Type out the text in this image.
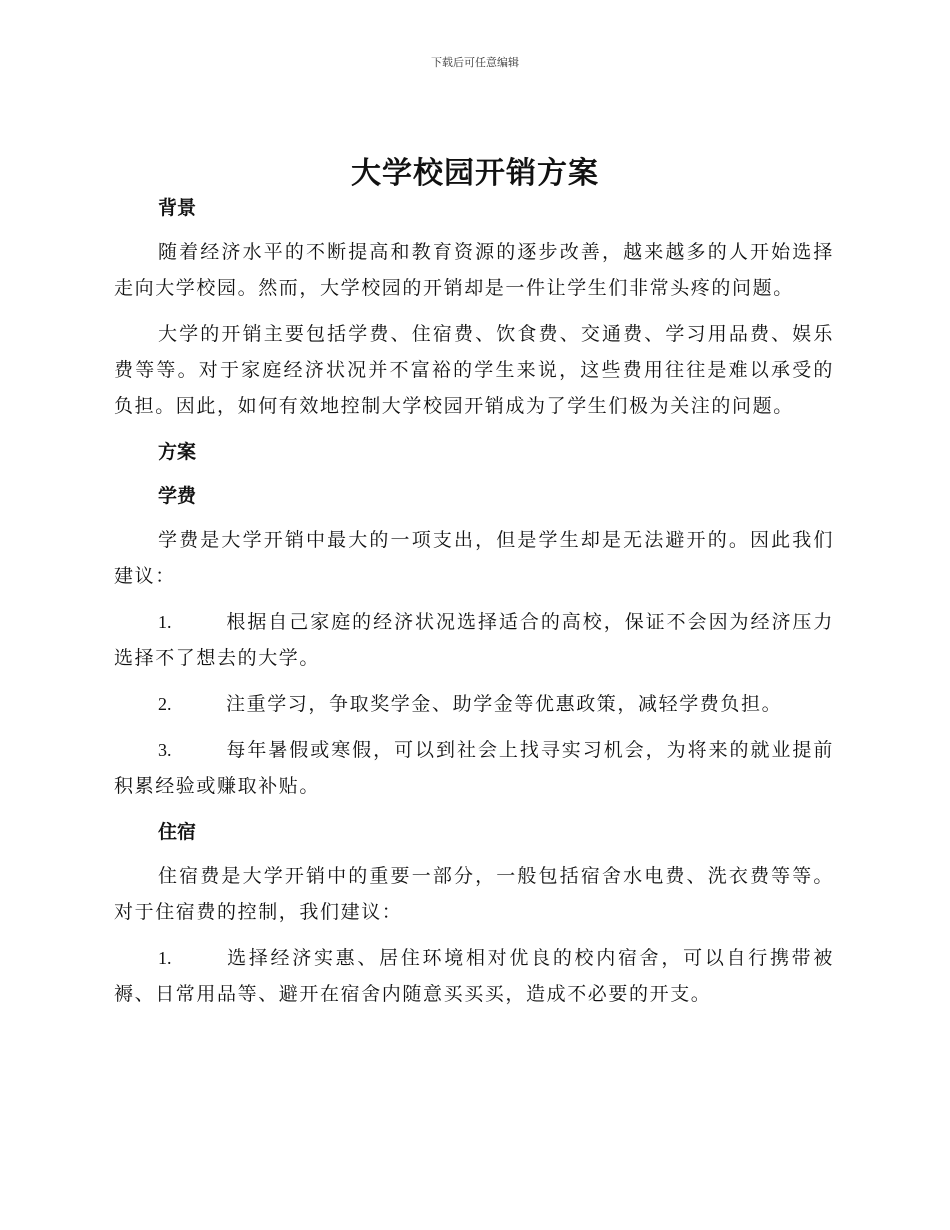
下载后可任意编辑
大学校园开销方案

背景

随着经济水平的不断提高和教育资源的逐步改善，越来越多的人开始选择走向大学校园。然而，大学校园的开销却是一件让学生们非常头疼的问题。

大学的开销主要包括学费、住宿费、饮食费、交通费、学习用品费、娱乐费等等。对于家庭经济状况并不富裕的学生来说，这些费用往往是难以承受的负担。因此，如何有效地控制大学校园开销成为了学生们极为关注的问题。

方案

学费

学费是大学开销中最大的一项支出，但是学生却是无法避开的。因此我们建议：

1.	根据自己家庭的经济状况选择适合的高校，保证不会因为经济压力选择不了想去的大学。

2.	注重学习，争取奖学金、助学金等优惠政策，减轻学费负担。

3.	每年暑假或寒假，可以到社会上找寻实习机会，为将来的就业提前积累经验或赚取补贴。

住宿

住宿费是大学开销中的重要一部分，一般包括宿舍水电费、洗衣费等等。对于住宿费的控制，我们建议：

1.	选择经济实惠、居住环境相对优良的校内宿舍，可以自行携带被褥、日常用品等、避开在宿舍内随意买买买，造成不必要的开支。
